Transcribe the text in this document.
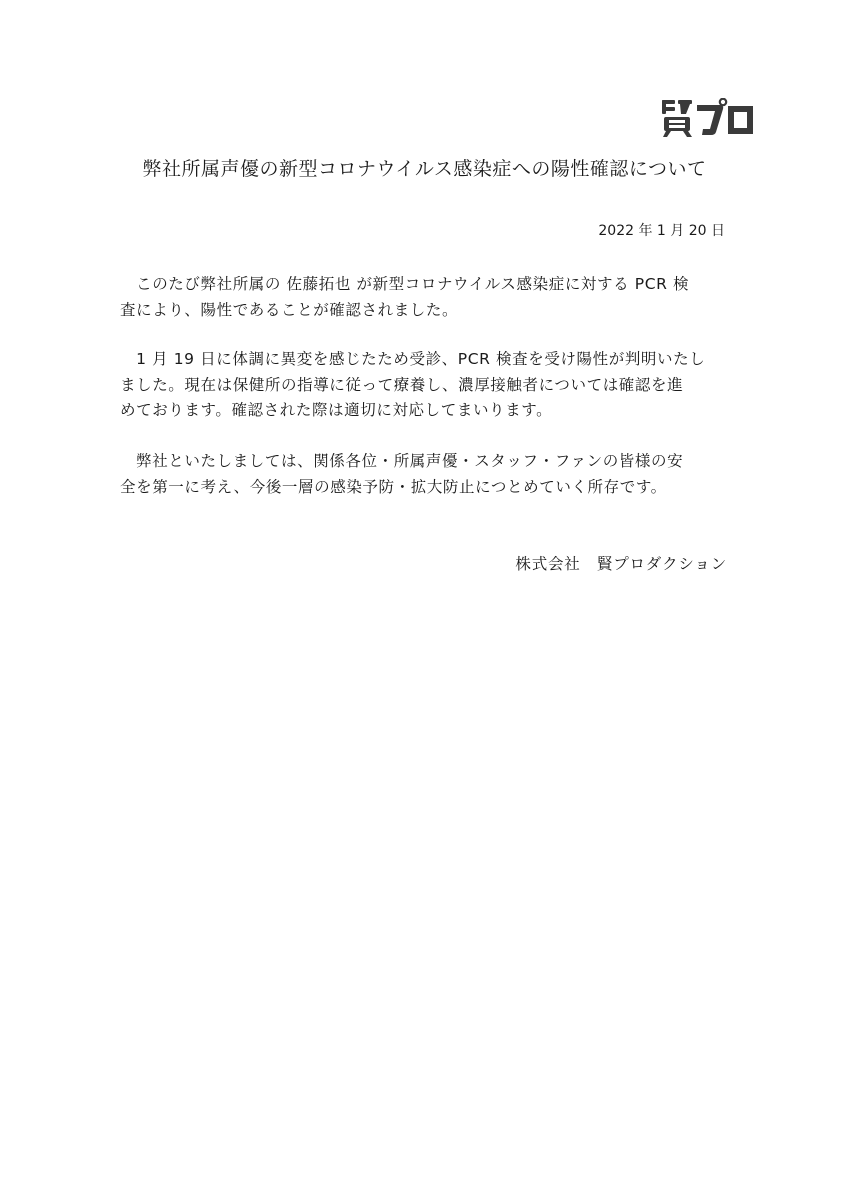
弊社所属声優の新型コロナウイルス感染症への陽性確認について
2022 年 1 月 20 日

　このたび弊社所属の 佐藤拓也 が新型コロナウイルス感染症に対する PCR 検
査により、陽性であることが確認されました。

　1 月 19 日に体調に異変を感じたため受診、PCR 検査を受け陽性が判明いたし
ました。現在は保健所の指導に従って療養し、濃厚接触者については確認を進
めております。確認された際は適切に対応してまいります。

　弊社といたしましては、関係各位・所属声優・スタッフ・ファンの皆様の安
全を第一に考え、今後一層の感染予防・拡大防止につとめていく所存です。

株式会社　賢プロダクション
